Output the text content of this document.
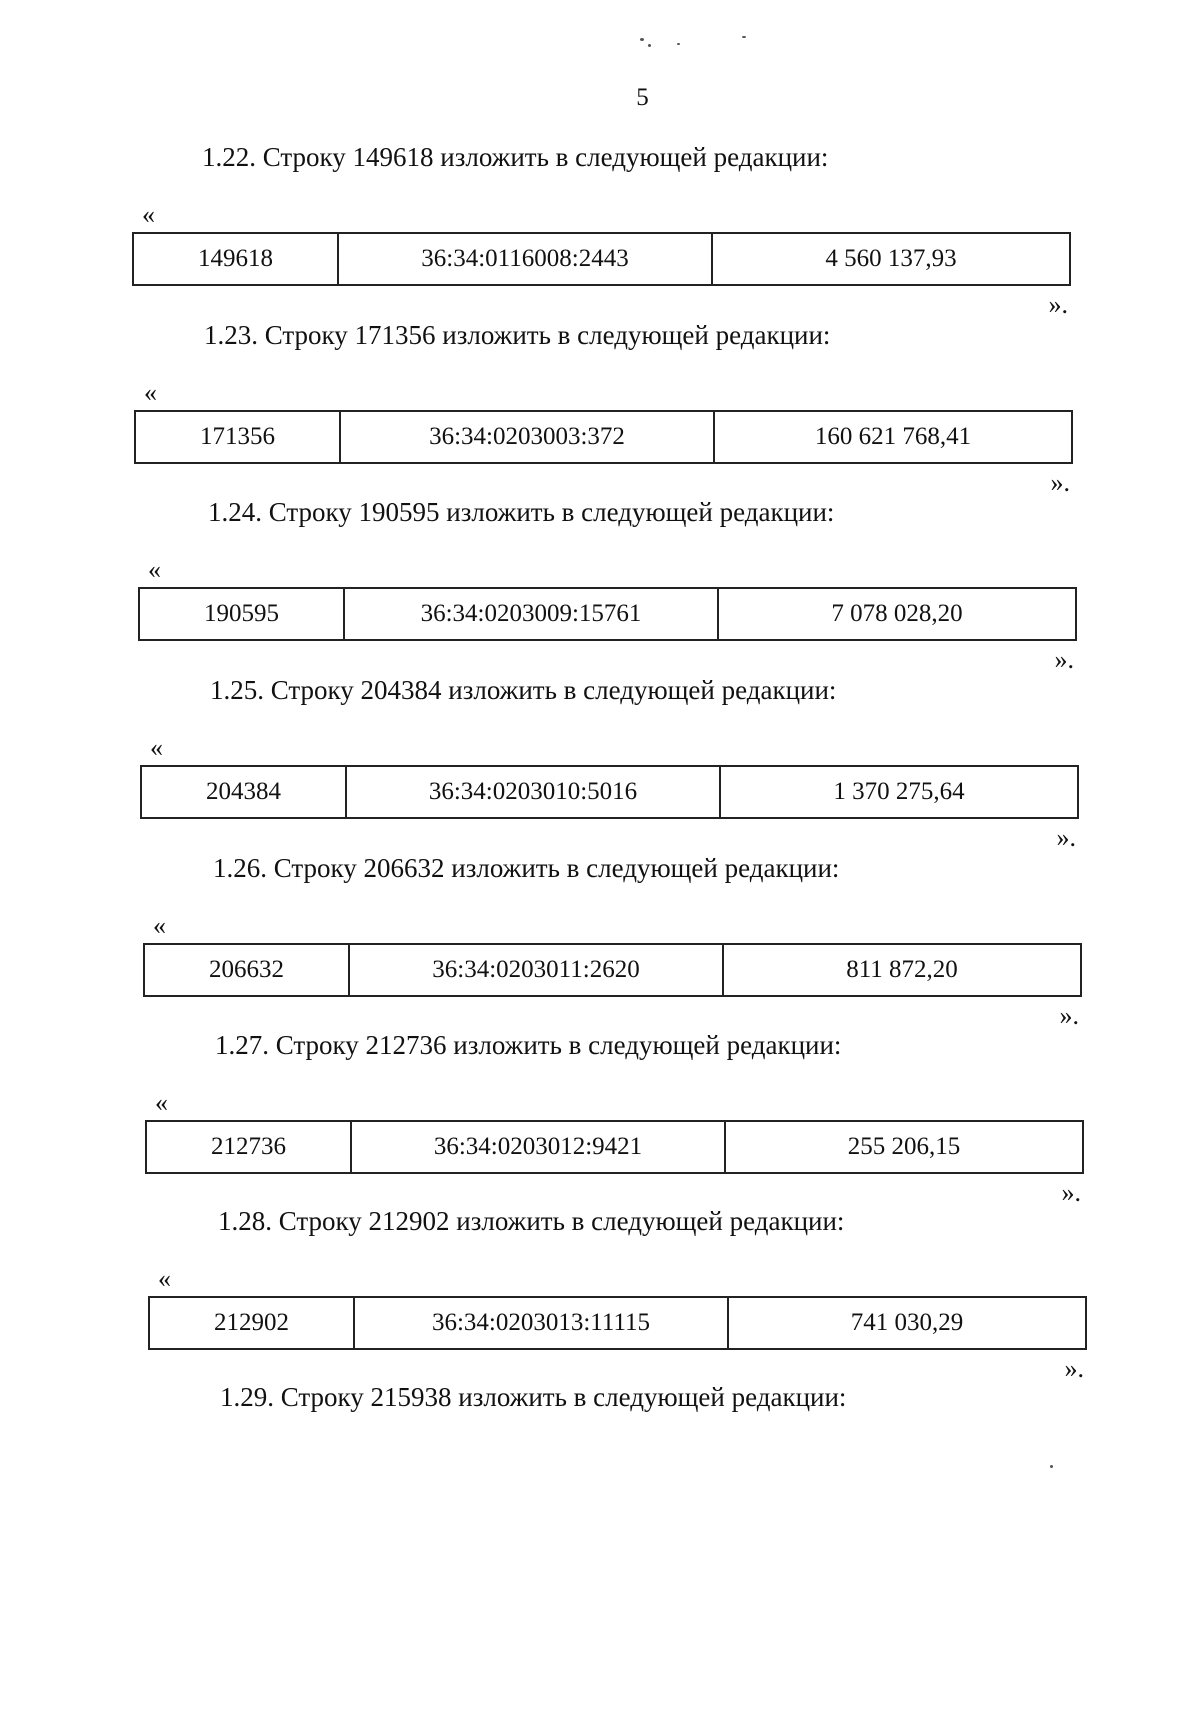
5
1.22. Строку 149618 изложить в следующей редакции:
«
149618	36:34:0116008:2443	4 560 137,93
».
1.23. Строку 171356 изложить в следующей редакции:
«
171356	36:34:0203003:372	160 621 768,41
».
1.24. Строку 190595 изложить в следующей редакции:
«
190595	36:34:0203009:15761	7 078 028,20
».
1.25. Строку 204384 изложить в следующей редакции:
«
204384	36:34:0203010:5016	1 370 275,64
».
1.26. Строку 206632 изложить в следующей редакции:
«
206632	36:34:0203011:2620	811 872,20
».
1.27. Строку 212736 изложить в следующей редакции:
«
212736	36:34:0203012:9421	255 206,15
».
1.28. Строку 212902 изложить в следующей редакции:
«
212902	36:34:0203013:11115	741 030,29
».
1.29. Строку 215938 изложить в следующей редакции:
